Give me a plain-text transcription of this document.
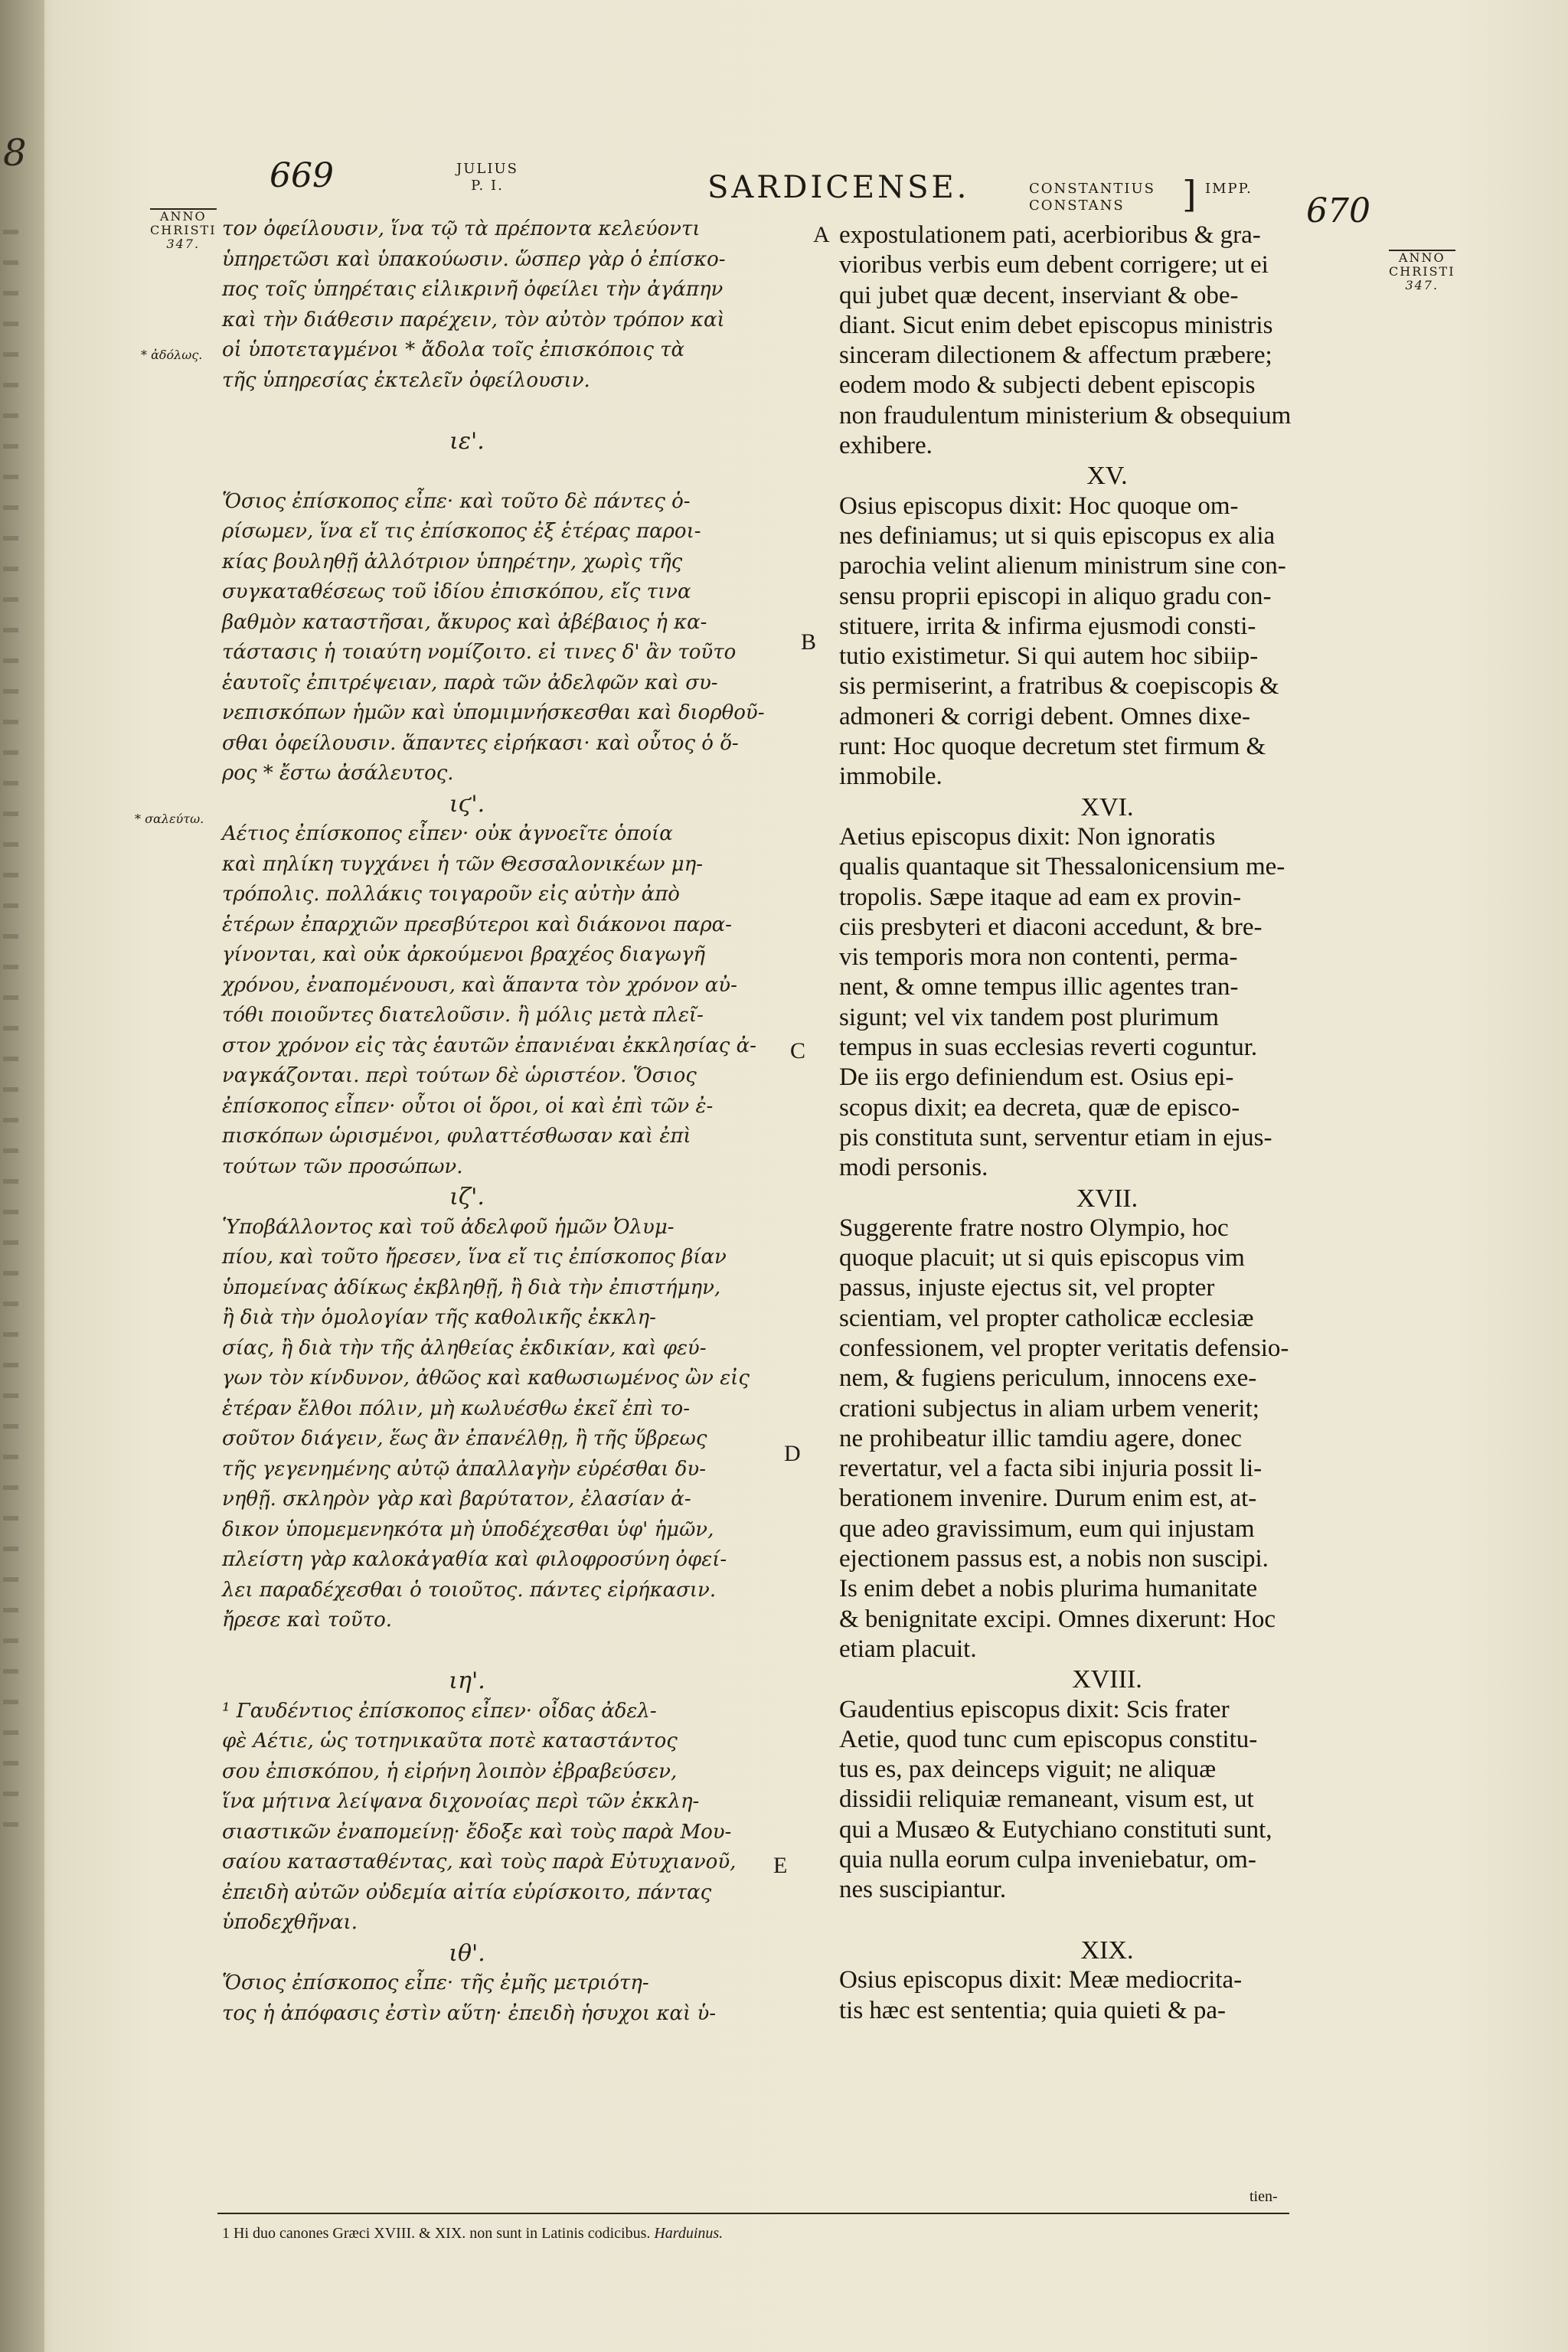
8
669	JULIUS
P. I.	SARDICENSE.	CONSTANTIUS
CONSTANS	] IMPP.
670
ANNO
CHRISTI
347.
ANNO
CHRISTI
347.
* ἀδόλως.
* σαλεύτω.
A
B
C
D
E
τον ὀφείλουσιν, ἵνα τῷ τὰ πρέποντα κελεύοντι
ὑπηρετῶσι καὶ ὑπακούωσιν. ὥσπερ γὰρ ὁ ἐπίσκο-
πος τοῖς ὑπηρέταις εἰλικρινῆ ὀφείλει τὴν ἀγάπην
καὶ τὴν διάθεσιν παρέχειν, τὸν αὐτὸν τρόπον καὶ
οἱ ὑποτεταγμένοι * ἄδολα τοῖς ἐπισκόποις τὰ
τῆς ὑπηρεσίας ἐκτελεῖν ὀφείλουσιν.
ιε'.
Ὅσιος ἐπίσκοπος εἶπε· καὶ τοῦτο δὲ πάντες ὁ-
ρίσωμεν, ἵνα εἴ τις ἐπίσκοπος ἐξ ἑτέρας παροι-
κίας βουληθῇ ἀλλότριον ὑπηρέτην, χωρὶς τῆς
συγκαταθέσεως τοῦ ἰδίου ἐπισκόπου, εἴς τινα
βαθμὸν καταστῆσαι, ἄκυρος καὶ ἀβέβαιος ἡ κα-
τάστασις ἡ τοιαύτη νομίζοιτο. εἰ τινες δ' ἂν τοῦτο
ἑαυτοῖς ἐπιτρέψειαν, παρὰ τῶν ἀδελφῶν καὶ συ-
νεπισκόπων ἡμῶν καὶ ὑπομιμνήσκεσθαι καὶ διορθοῦ-
σθαι ὀφείλουσιν. ἅπαντες εἰρήκασι· καὶ οὗτος ὁ ὅ-
ρος * ἔστω ἀσάλευτος.
ιϛ'.
Αέτιος ἐπίσκοπος εἶπεν· οὐκ ἀγνοεῖτε ὁποία
καὶ πηλίκη τυγχάνει ἡ τῶν Θεσσαλονικέων μη-
τρόπολις. πολλάκις τοιγαροῦν εἰς αὐτὴν ἀπὸ
ἑτέρων ἐπαρχιῶν πρεσβύτεροι καὶ διάκονοι παρα-
γίνονται, καὶ οὐκ ἀρκούμενοι βραχέος διαγωγῆ
χρόνου, ἐναπομένουσι, καὶ ἅπαντα τὸν χρόνον αὐ-
τόθι ποιοῦντες διατελοῦσιν. ἢ μόλις μετὰ πλεῖ-
στον χρόνον εἰς τὰς ἑαυτῶν ἐπανιέναι ἐκκλησίας ἀ-
ναγκάζονται. περὶ τούτων δὲ ὡριστέον. Ὅσιος
ἐπίσκοπος εἶπεν· οὗτοι οἱ ὅροι, οἱ καὶ ἐπὶ τῶν ἐ-
πισκόπων ὡρισμένοι, φυλαττέσθωσαν καὶ ἐπὶ
τούτων τῶν προσώπων.
ιζ'.
Ὑποβάλλοντος καὶ τοῦ ἀδελφοῦ ἡμῶν Ὀλυμ-
πίου, καὶ τοῦτο ἤρεσεν, ἵνα εἴ τις ἐπίσκοπος βίαν
ὑπομείνας ἀδίκως ἐκβληθῇ, ἢ διὰ τὴν ἐπιστήμην,
ἢ διὰ τὴν ὁμολογίαν τῆς καθολικῆς ἐκκλη-
σίας, ἢ διὰ τὴν τῆς ἀληθείας ἐκδικίαν, καὶ φεύ-
γων τὸν κίνδυνον, ἀθῶος καὶ καθωσιωμένος ὢν εἰς
ἑτέραν ἔλθοι πόλιν, μὴ κωλυέσθω ἐκεῖ ἐπὶ το-
σοῦτον διάγειν, ἕως ἂν ἐπανέλθῃ, ἢ τῆς ὕβρεως
τῆς γεγενημένης αὐτῷ ἀπαλλαγὴν εὑρέσθαι δυ-
νηθῇ. σκληρὸν γὰρ καὶ βαρύτατον, ἐλασίαν ἀ-
δικον ὑπομεμενηκότα μὴ ὑποδέχεσθαι ὑφ' ἡμῶν,
πλείστη γὰρ καλοκἀγαθία καὶ φιλοφροσύνη ὀφεί-
λει παραδέχεσθαι ὁ τοιοῦτος. πάντες εἰρήκασιν.
ἤρεσε καὶ τοῦτο.
ιη'.
¹ Γαυδέντιος ἐπίσκοπος εἶπεν· οἶδας ἀδελ-
φὲ Αέτιε, ὡς τοτηνικαῦτα ποτὲ καταστάντος
σου ἐπισκόπου, ἡ εἰρήνη λοιπὸν ἐβραβεύσεν,
ἵνα μήτινα λείψανα διχονοίας περὶ τῶν ἐκκλη-
σιαστικῶν ἐναπομείνῃ· ἔδοξε καὶ τοὺς παρὰ Μου-
σαίου κατασταθέντας, καὶ τοὺς παρὰ Εὐτυχιανοῦ,
ἐπειδὴ αὐτῶν οὐδεμία αἰτία εὑρίσκοιτο, πάντας
ὑποδεχθῆναι.
ιθ'.
Ὅσιος ἐπίσκοπος εἶπε· τῆς ἐμῆς μετριότη-
τος ἡ ἀπόφασις ἐστὶν αὕτη· ἐπειδὴ ἡσυχοι καὶ ὑ-
expostulationem pati, acerbioribus & gra-
vioribus verbis eum debent corrigere; ut ei
qui jubet quæ decent, inserviant & obe-
diant. Sicut enim debet episcopus ministris
sinceram dilectionem & affectum præbere;
eodem modo & subjecti debent episcopis
non fraudulentum ministerium & obsequium
exhibere.
XV.
Osius episcopus dixit: Hoc quoque om-
nes definiamus; ut si quis episcopus ex alia
parochia velint alienum ministrum sine con-
sensu proprii episcopi in aliquo gradu con-
stituere, irrita & infirma ejusmodi consti-
tutio existimetur. Si qui autem hoc sibiip-
sis permiserint, a fratribus & coepiscopis &
admoneri & corrigi debent. Omnes dixe-
runt: Hoc quoque decretum stet firmum &
immobile.
XVI.
Aetius episcopus dixit: Non ignoratis
qualis quantaque sit Thessalonicensium me-
tropolis. Sæpe itaque ad eam ex provin-
ciis presbyteri et diaconi accedunt, & bre-
vis temporis mora non contenti, perma-
nent, & omne tempus illic agentes tran-
sigunt; vel vix tandem post plurimum
tempus in suas ecclesias reverti coguntur.
De iis ergo definiendum est. Osius epi-
scopus dixit; ea decreta, quæ de episco-
pis constituta sunt, serventur etiam in ejus-
modi personis.
XVII.
Suggerente fratre nostro Olympio, hoc
quoque placuit; ut si quis episcopus vim
passus, injuste ejectus sit, vel propter
scientiam, vel propter catholicæ ecclesiæ
confessionem, vel propter veritatis defensio-
nem, & fugiens periculum, innocens exe-
crationi subjectus in aliam urbem venerit;
ne prohibeatur illic tamdiu agere, donec
revertatur, vel a facta sibi injuria possit li-
berationem invenire. Durum enim est, at-
que adeo gravissimum, eum qui injustam
ejectionem passus est, a nobis non suscipi.
Is enim debet a nobis plurima humanitate
& benignitate excipi. Omnes dixerunt: Hoc
etiam placuit.
XVIII.
Gaudentius episcopus dixit: Scis frater
Aetie, quod tunc cum episcopus constitu-
tus es, pax deinceps viguit; ne aliquæ
dissidii reliquiæ remaneant, visum est, ut
qui a Musæo & Eutychiano constituti sunt,
quia nulla eorum culpa inveniebatur, om-
nes suscipiantur.
XIX.
Osius episcopus dixit: Meæ mediocrita-
tis hæc est sententia; quia quieti & pa-
tien-
1 Hi duo canones Græci XVIII. & XIX. non sunt in Latinis codicibus. Harduinus.
